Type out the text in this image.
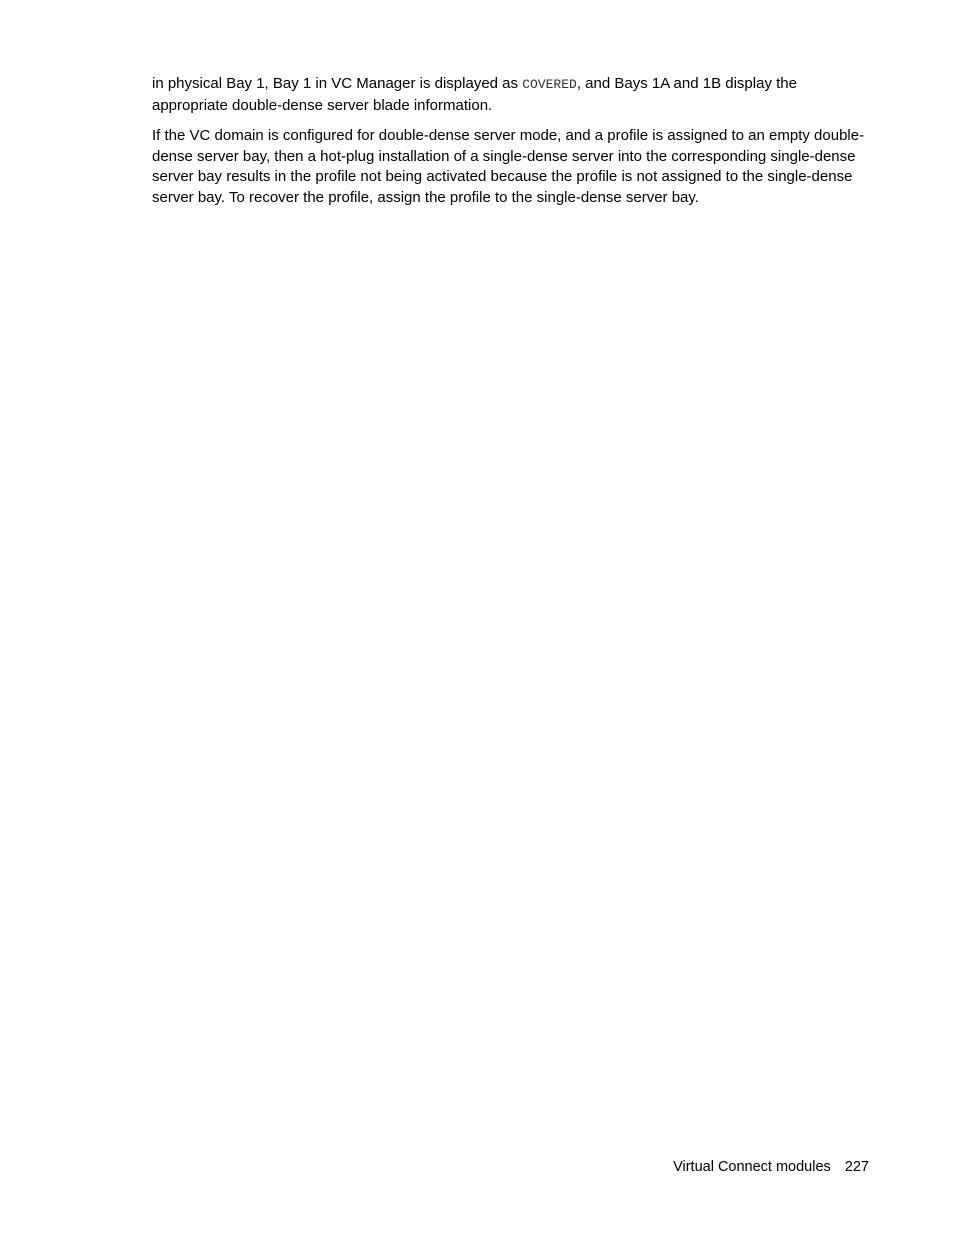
in physical Bay 1, Bay 1 in VC Manager is displayed as COVERED, and Bays 1A and 1B display the appropriate double-dense server blade information.

If the VC domain is configured for double-dense server mode, and a profile is assigned to an empty double-dense server bay, then a hot-plug installation of a single-dense server into the corresponding single-dense server bay results in the profile not being activated because the profile is not assigned to the single-dense server bay. To recover the profile, assign the profile to the single-dense server bay.

Virtual Connect modules 227
